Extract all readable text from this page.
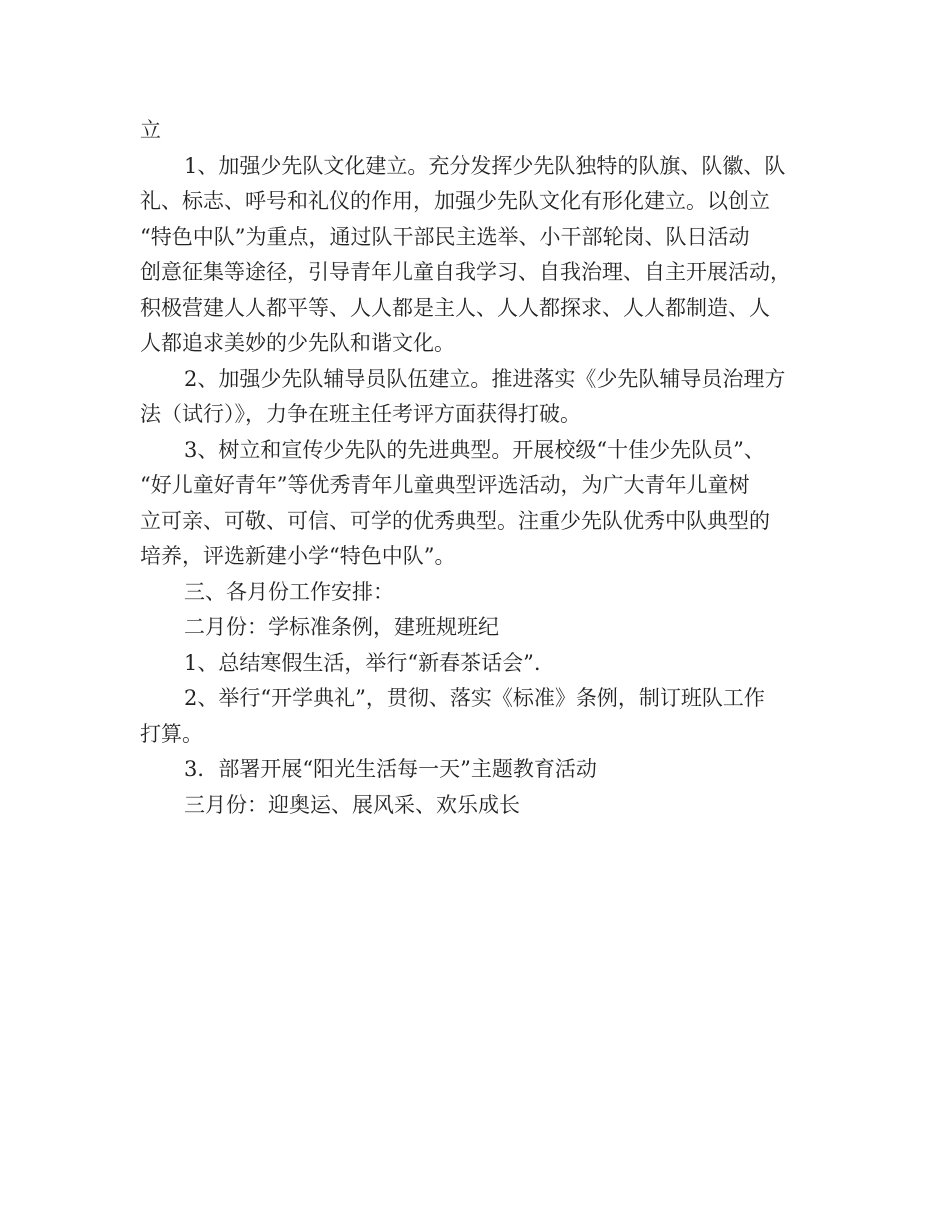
立
1、加强少先队文化建立。充分发挥少先队独特的队旗、队徽、队
礼、标志、呼号和礼仪的作用，加强少先队文化有形化建立。以创立
“特色中队”为重点，通过队干部民主选举、小干部轮岗、队日活动
创意征集等途径，引导青年儿童自我学习、自我治理、自主开展活动，
积极营建人人都平等、人人都是主人、人人都探求、人人都制造、人
人都追求美妙的少先队和谐文化。
2、加强少先队辅导员队伍建立。推进落实《少先队辅导员治理方
法（试行）》，力争在班主任考评方面获得打破。
3、树立和宣传少先队的先进典型。开展校级“十佳少先队员”、
“好儿童好青年”等优秀青年儿童典型评选活动，为广大青年儿童树
立可亲、可敬、可信、可学的优秀典型。注重少先队优秀中队典型的
培养，评选新建小学“特色中队”。
三、各月份工作安排：
二月份：学标准条例，建班规班纪
1、总结寒假生活，举行“新春茶话会”.
2、举行“开学典礼”，贯彻、落实《标准》条例，制订班队工作
打算。
3．部署开展“阳光生活每一天”主题教育活动
三月份：迎奥运、展风采、欢乐成长
